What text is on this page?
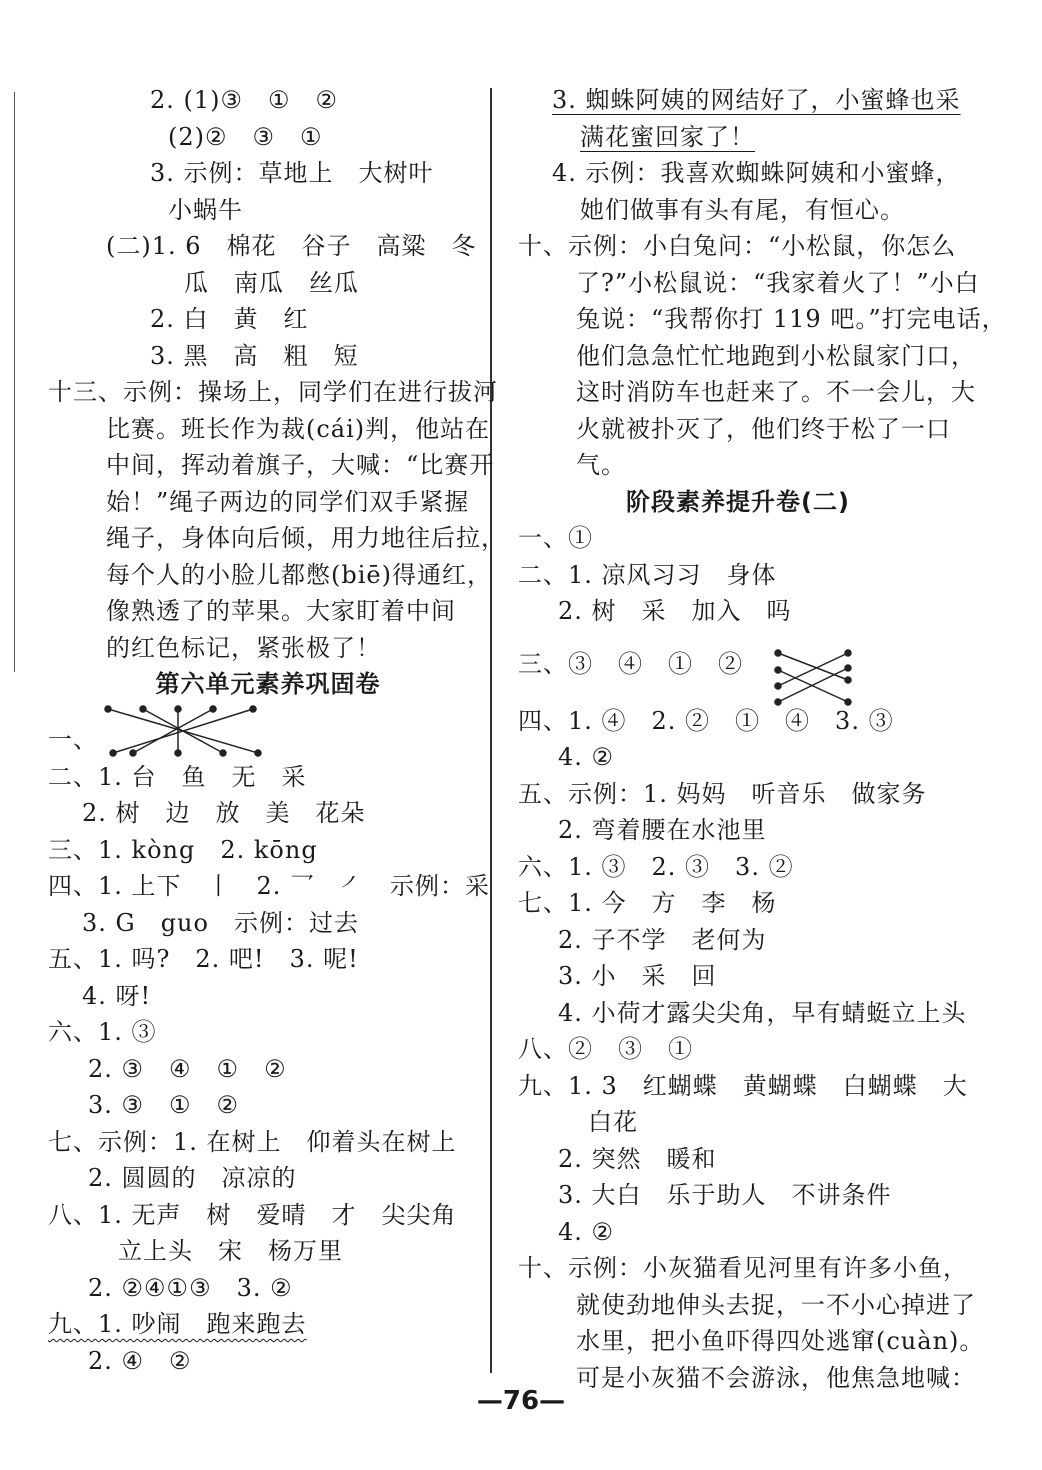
2. (1)③　①　②
(2)②　③　①
3. 示例：草地上　大树叶
小蜗牛
(二)1. 6　棉花　谷子　高粱　冬
瓜　南瓜　丝瓜
2. 白　黄　红
3. 黑　高　粗　短
十三、示例：操场上，同学们在进行拔河
比赛。班长作为裁(cái)判，他站在
中间，挥动着旗子，大喊：“比赛开
始！”绳子两边的同学们双手紧握
绳子，身体向后倾，用力地往后拉，
每个人的小脸儿都憋(biē)得通红，
像熟透了的苹果。大家盯着中间
的红色标记，紧张极了！
第六单元素养巩固卷
一、
二、1. 台　鱼　无　采
2. 树　边　放　美　花朵
三、1. kòng　2. kōng
四、1. 上下　丨　2. 乛　㇒　示例：采
3. G　guo　示例：过去
五、1. 吗?　2. 吧!　3. 呢!
4. 呀!
六、1. ③
2. ③　④　①　②
3. ③　①　②
七、示例：1. 在树上　仰着头在树上
2. 圆圆的　凉凉的
八、1. 无声　树　爱晴　才　尖尖角
立上头　宋　杨万里
2. ②④①③　3. ②
九、1. 吵闹　跑来跑去
2. ④　②
3. 蜘蛛阿姨的网结好了，小蜜蜂也采
满花蜜回家了！
4. 示例：我喜欢蜘蛛阿姨和小蜜蜂，
她们做事有头有尾，有恒心。
十、示例：小白兔问：“小松鼠，你怎么
了?”小松鼠说：“我家着火了！”小白
兔说：“我帮你打 119 吧。”打完电话，
他们急急忙忙地跑到小松鼠家门口，
这时消防车也赶来了。不一会儿，大
火就被扑灭了，他们终于松了一口
气。
阶段素养提升卷(二)
一、①
二、1. 凉风习习　身体
2. 树　采　加入　吗
三、③　④　①　②
四、1. ④　2. ②　①　④　3. ③
4. ②
五、示例：1. 妈妈　听音乐　做家务
2. 弯着腰在水池里
六、1. ③　2. ③　3. ②
七、1. 今　方　李　杨
2. 子不学　老何为
3. 小　采　回
4. 小荷才露尖尖角，早有蜻蜓立上头
八、②　③　①
九、1. 3　红蝴蝶　黄蝴蝶　白蝴蝶　大
白花
2. 突然　暖和
3. 大白　乐于助人　不讲条件
4. ②
十、示例：小灰猫看见河里有许多小鱼，
就使劲地伸头去捉，一不小心掉进了
水里，把小鱼吓得四处逃窜(cuàn)。
可是小灰猫不会游泳，他焦急地喊：
—76—
